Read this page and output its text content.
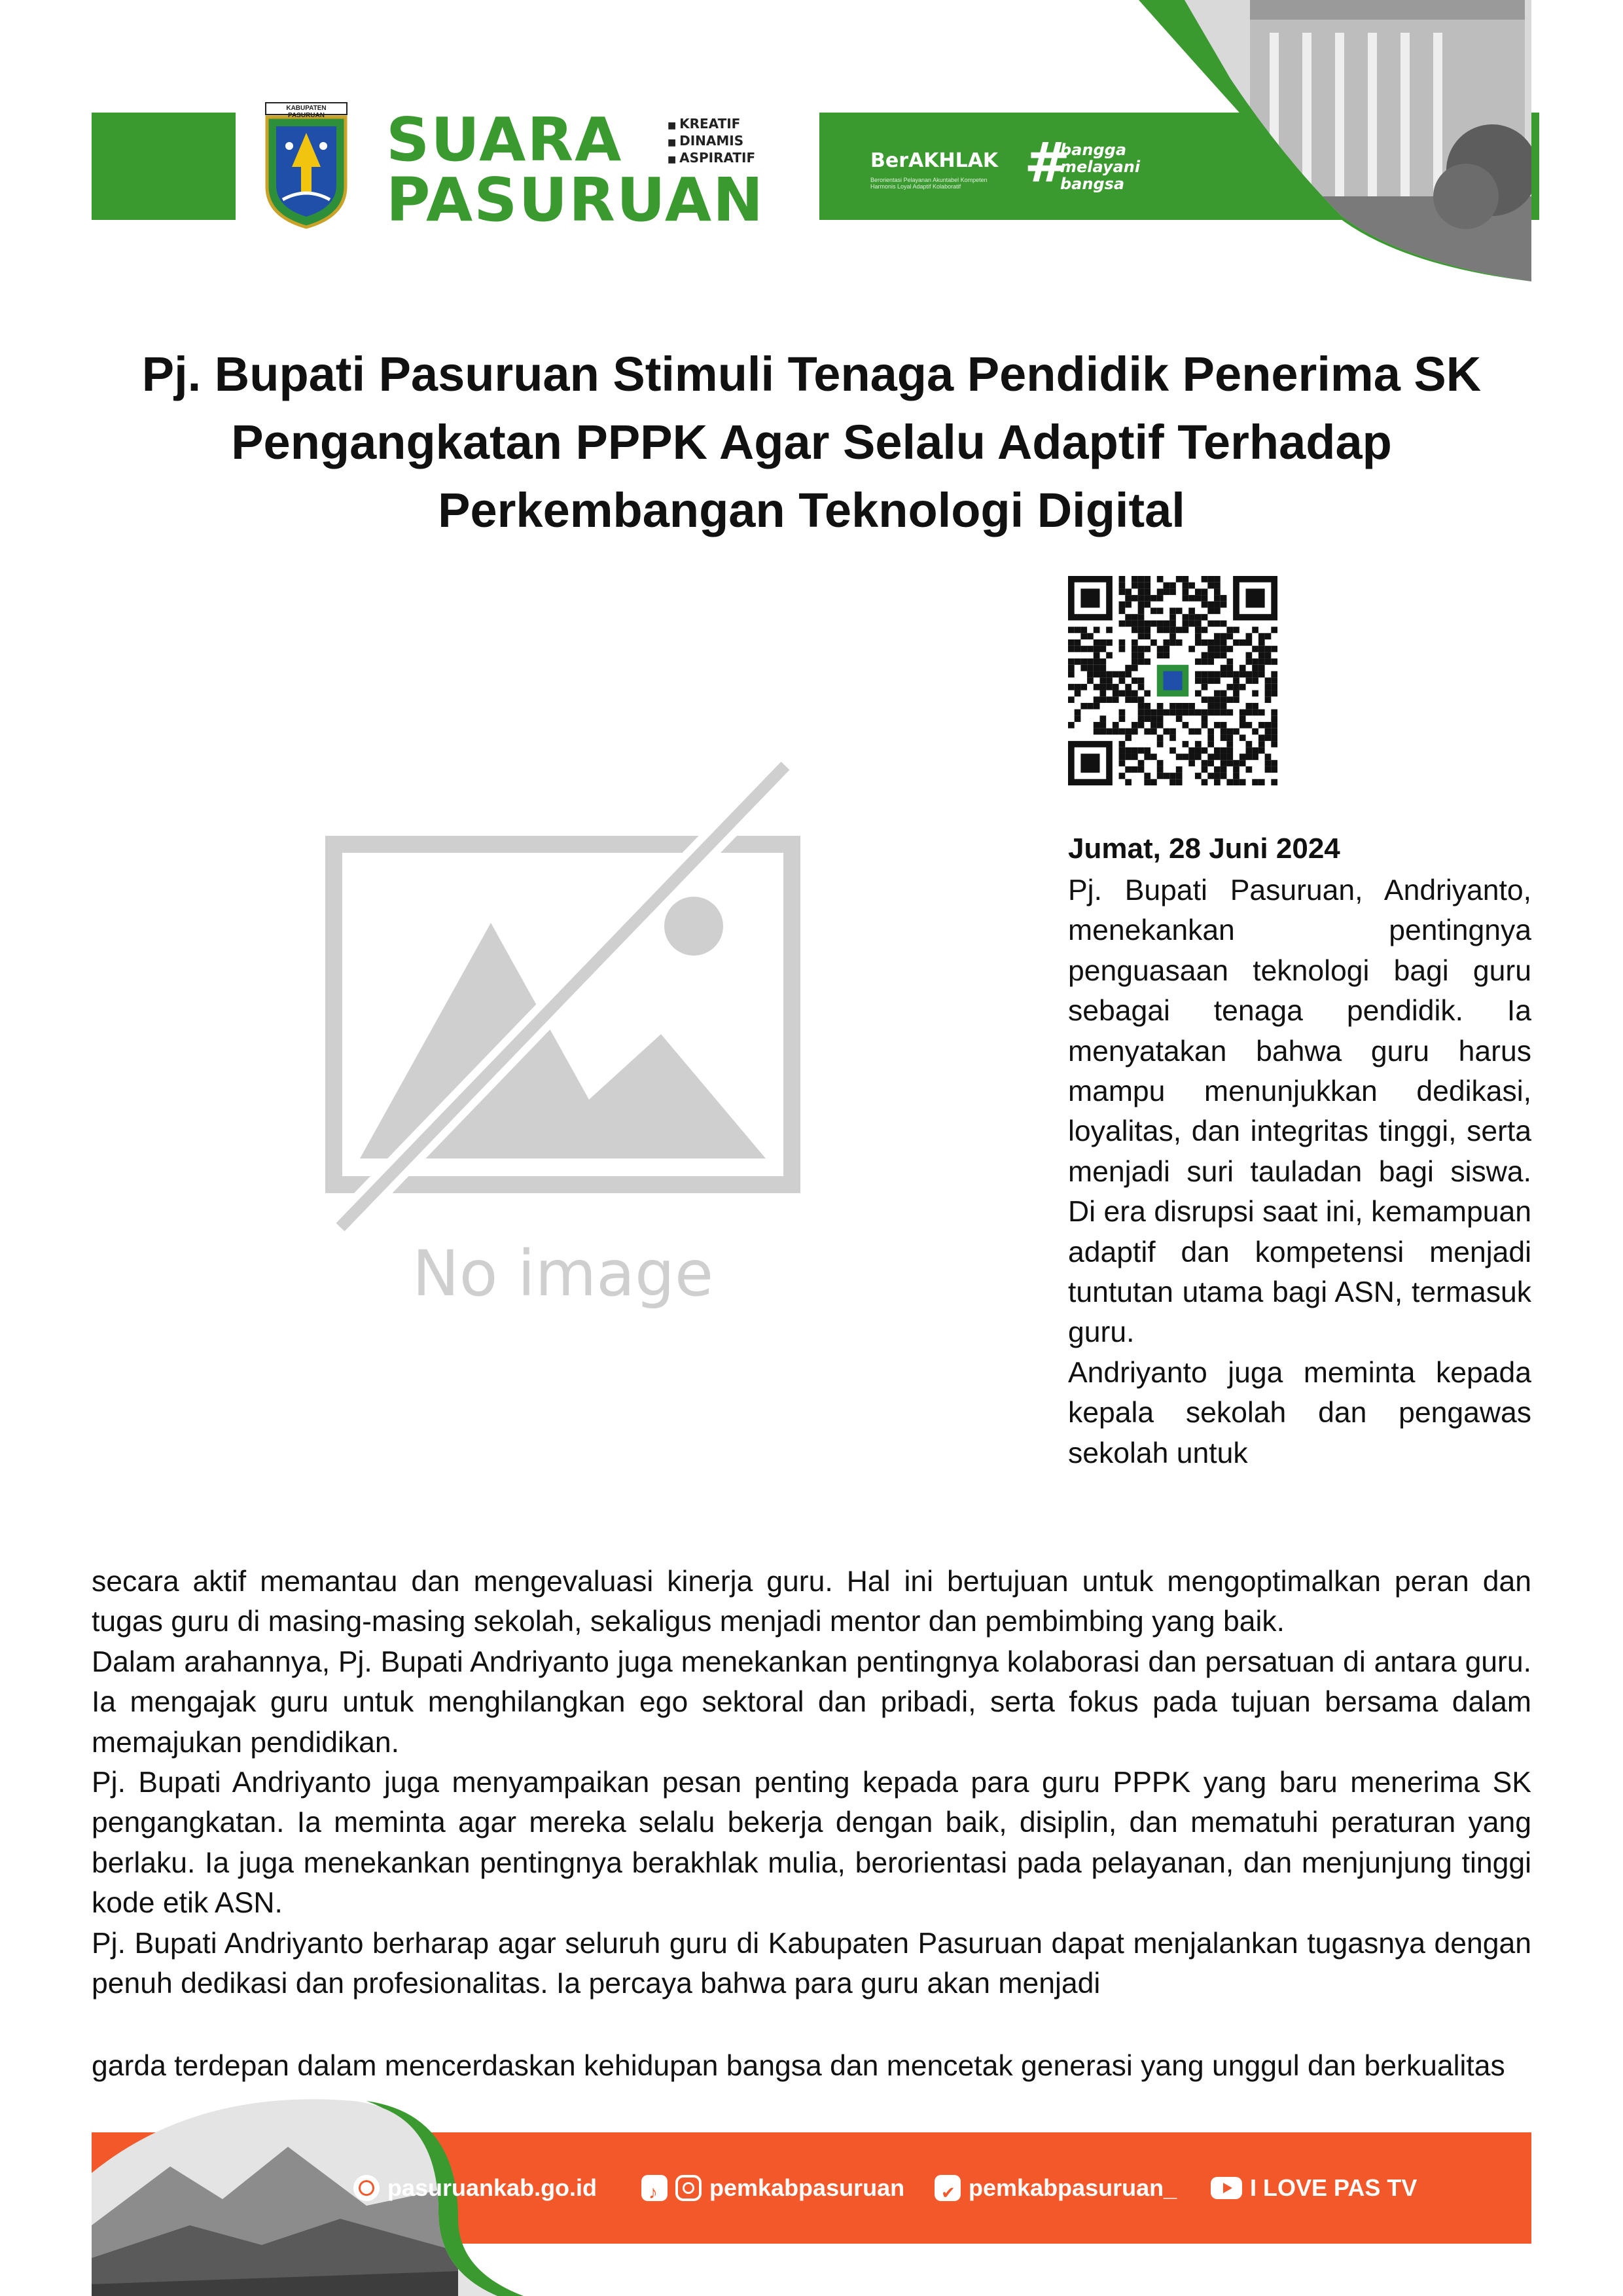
KABUPATEN PASURUAN	SUARA
PASURUAN
■ KREATIF
■ DINAMIS
■ ASPIRATIF	BerAKHLAK
Berorientasi Pelayanan Akuntabel Kompeten Harmonis Loyal Adaptif Kolaboratif	#
bangga
melayani
bangsa
Pj. Bupati Pasuruan Stimuli Tenaga Pendidik Penerima SK Pengangkatan PPPK Agar Selalu Adaptif Terhadap Perkembangan Teknologi Digital
No image
Jumat, 28 Juni 2024

Pj. Bupati Pasuruan, Andriyanto, menekankan pentingnya penguasaan teknologi bagi guru sebagai tenaga pendidik. Ia menyatakan bahwa guru harus mampu menunjukkan dedikasi, loyalitas, dan integritas tinggi, serta menjadi suri tauladan bagi siswa. Di era disrupsi saat ini, kemampuan adaptif dan kompetensi menjadi tuntutan utama bagi ASN, termasuk guru.

Andriyanto juga meminta kepada kepala sekolah dan pengawas sekolah untuk

secara aktif memantau dan mengevaluasi kinerja guru. Hal ini bertujuan untuk mengoptimalkan peran dan tugas guru di masing-masing sekolah, sekaligus menjadi mentor dan pembimbing yang baik.

Dalam arahannya, Pj. Bupati Andriyanto juga menekankan pentingnya kolaborasi dan persatuan di antara guru. Ia mengajak guru untuk menghilangkan ego sektoral dan pribadi, serta fokus pada tujuan bersama dalam memajukan pendidikan.

Pj. Bupati Andriyanto juga menyampaikan pesan penting kepada para guru PPPK yang baru menerima SK pengangkatan. Ia meminta agar mereka selalu bekerja dengan baik, disiplin, dan mematuhi peraturan yang berlaku. Ia juga menekankan pentingnya berakhlak mulia, berorientasi pada pelayanan, dan menjunjung tinggi kode etik ASN.

Pj. Bupati Andriyanto berharap agar seluruh guru di Kabupaten Pasuruan dapat menjalankan tugasnya dengan penuh dedikasi dan profesionalitas. Ia percaya bahwa para guru akan menjadi

garda terdepan dalam mencerdaskan kehidupan bangsa dan mencetak generasi yang unggul dan berkualitas
pasuruankab.go.id ♪	pemkabpasuruan ✔	pemkabpasuruan_	I LOVE PAS TV
